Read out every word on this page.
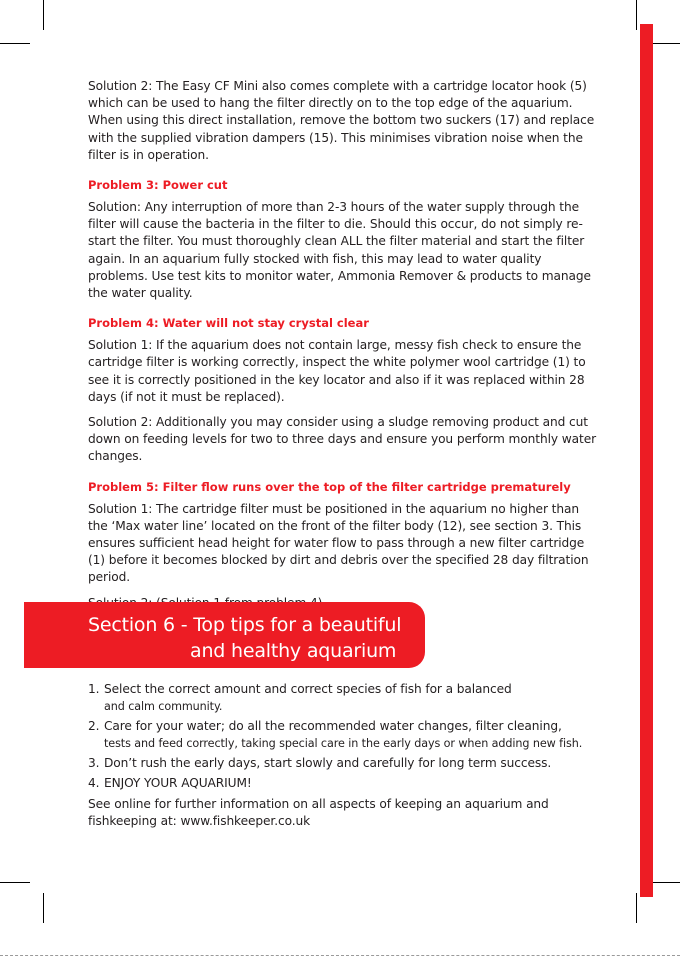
Solution 2: The Easy CF Mini also comes complete with a cartridge locator hook (5) which can be used to hang the filter directly on to the top edge of the aquarium. When using this direct installation, remove the bottom two suckers (17) and replace with the supplied vibration dampers (15). This minimises vibration noise when the filter is in operation.

Problem 3: Power cut

Solution: Any interruption of more than 2-3 hours of the water supply through the filter will cause the bacteria in the filter to die. Should this occur, do not simply re-start the filter. You must thoroughly clean ALL the filter material and start the filter again. In an aquarium fully stocked with fish, this may lead to water quality problems. Use test kits to monitor water, Ammonia Remover & products to manage the water quality.

Problem 4: Water will not stay crystal clear

Solution 1: If the aquarium does not contain large, messy fish check to ensure the cartridge filter is working correctly, inspect the white polymer wool cartridge (1) to see it is correctly positioned in the key locator and also if it was replaced within 28 days (if not it must be replaced).

Solution 2: Additionally you may consider using a sludge removing product and cut down on feeding levels for two to three days and ensure you perform monthly water changes.

Problem 5: Filter flow runs over the top of the filter cartridge prematurely

Solution 1: The cartridge filter must be positioned in the aquarium no higher than the ‘Max water line’ located on the front of the filter body (12), see section 3. This ensures sufficient head height for water flow to pass through a new filter cartridge (1) before it becomes blocked by dirt and debris over the specified 28 day filtration period.

Section 6 - Top tips for a beautiful
and healthy aquarium
1. Select the correct amount and correct species of fish for a balanced
and calm community.
2. Care for your water; do all the recommended water changes, filter cleaning,
tests and feed correctly, taking special care in the early days or when adding new fish.
3. Don’t rush the early days, start slowly and carefully for long term success.
4. ENJOY YOUR AQUARIUM!
See online for further information on all aspects of keeping an aquarium and fishkeeping at: www.fishkeeper.co.uk
